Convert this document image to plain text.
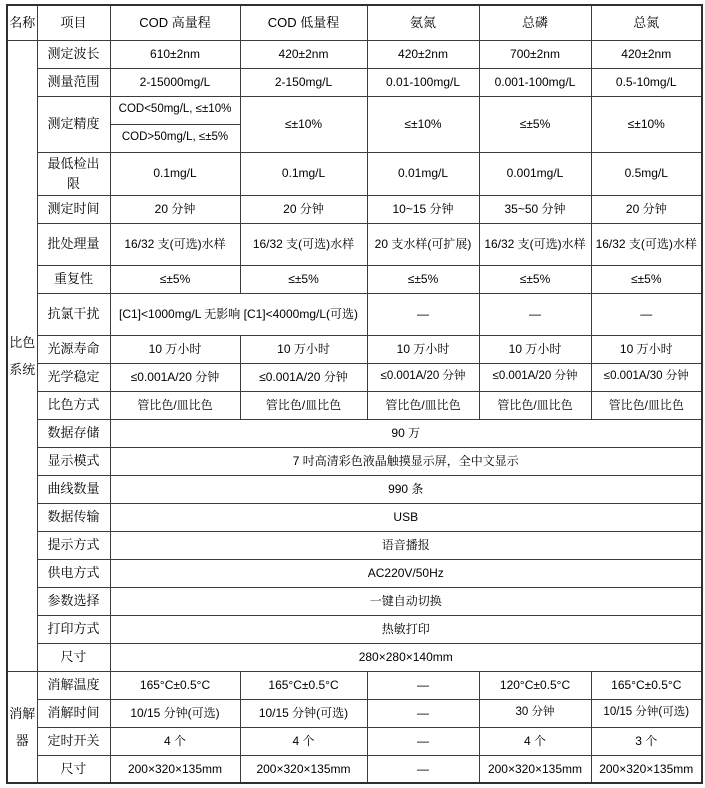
名称	项目	COD 高量程	COD 低量程	氨氮	总磷	总氮
比色系统	测定波长	610±2nm	420±2nm	420±2nm	700±2nm	420±2nm
	测量范围	2-15000mg/L	2-150mg/L	0.01-100mg/L	0.001-100mg/L	0.5-10mg/L
	测定精度	COD<50mg/L, ≤±10%	≤±10%	≤±10%	≤±5%	≤±10%
		COD>50mg/L, ≤±5%				
	最低检出限	0.1mg/L	0.1mg/L	0.01mg/L	0.001mg/L	0.5mg/L
	测定时间	20 分钟	20 分钟	10~15 分钟	35~50 分钟	20 分钟
	批处理量	16/32 支(可选)水样	16/32 支(可选)水样	20 支水样(可扩展)	16/32 支(可选)水样	16/32 支(可选)水样
	重复性	≤±5%	≤±5%	≤±5%	≤±5%	≤±5%
	抗氯干扰	[C1]<1000mg/L 无影响 [C1]<4000mg/L(可选)		—	—	—
	光源寿命	10 万小时	10 万小时	10 万小时	10 万小时	10 万小时
	光学稳定	≤0.001A/20 分钟	≤0.001A/20 分钟	≤0.001A/20 分钟	≤0.001A/20 分钟	≤0.001A/30 分钟
	比色方式	管比色/皿比色	管比色/皿比色	管比色/皿比色	管比色/皿比色	管比色/皿比色
	数据存储	90 万				
	显示模式	7 吋高清彩色液晶触摸显示屏，全中文显示				
	曲线数量	990 条				
	数据传输	USB				
	提示方式	语音播报				
	供电方式	AC220V/50Hz				
	参数选择	一键自动切换				
	打印方式	热敏打印				
	尺寸	280×280×140mm				
消解器	消解温度	165°C±0.5°C	165°C±0.5°C	—	120°C±0.5°C	165°C±0.5°C
	消解时间	10/15 分钟(可选)	10/15 分钟(可选)	—	30 分钟	10/15 分钟(可选)
	定时开关	4 个	4 个	—	4 个	3 个
	尺寸	200×320×135mm	200×320×135mm	—	200×320×135mm	200×320×135mm
